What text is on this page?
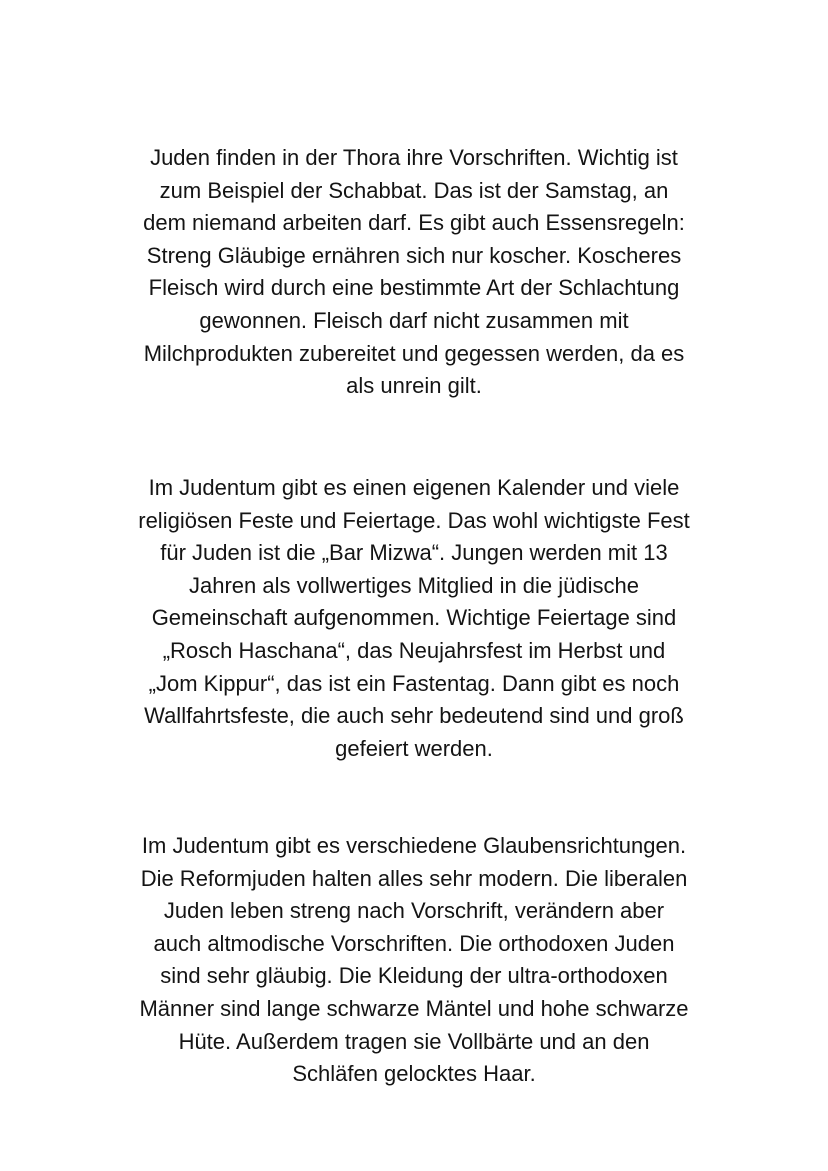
Juden finden in der Thora ihre Vorschriften. Wichtig ist
zum Beispiel der Schabbat. Das ist der Samstag, an
dem niemand arbeiten darf. Es gibt auch Essensregeln:
Streng Gläubige ernähren sich nur koscher. Koscheres
Fleisch wird durch eine bestimmte Art der Schlachtung
gewonnen. Fleisch darf nicht zusammen mit
Milchprodukten zubereitet und gegessen werden, da es
als unrein gilt.

Im Judentum gibt es einen eigenen Kalender und viele
religiösen Feste und Feiertage. Das wohl wichtigste Fest
für Juden ist die „Bar Mizwa“. Jungen werden mit 13
Jahren als vollwertiges Mitglied in die jüdische
Gemeinschaft aufgenommen. Wichtige Feiertage sind
„Rosch Haschana“, das Neujahrsfest im Herbst und
„Jom Kippur“, das ist ein Fastentag. Dann gibt es noch
Wallfahrtsfeste, die auch sehr bedeutend sind und groß
gefeiert werden.

Im Judentum gibt es verschiedene Glaubensrichtungen.
Die Reformjuden halten alles sehr modern. Die liberalen
Juden leben streng nach Vorschrift, verändern aber
auch altmodische Vorschriften. Die orthodoxen Juden
sind sehr gläubig. Die Kleidung der ultra-orthodoxen
Männer sind lange schwarze Mäntel und hohe schwarze
Hüte. Außerdem tragen sie Vollbärte und an den
Schläfen gelocktes Haar.
